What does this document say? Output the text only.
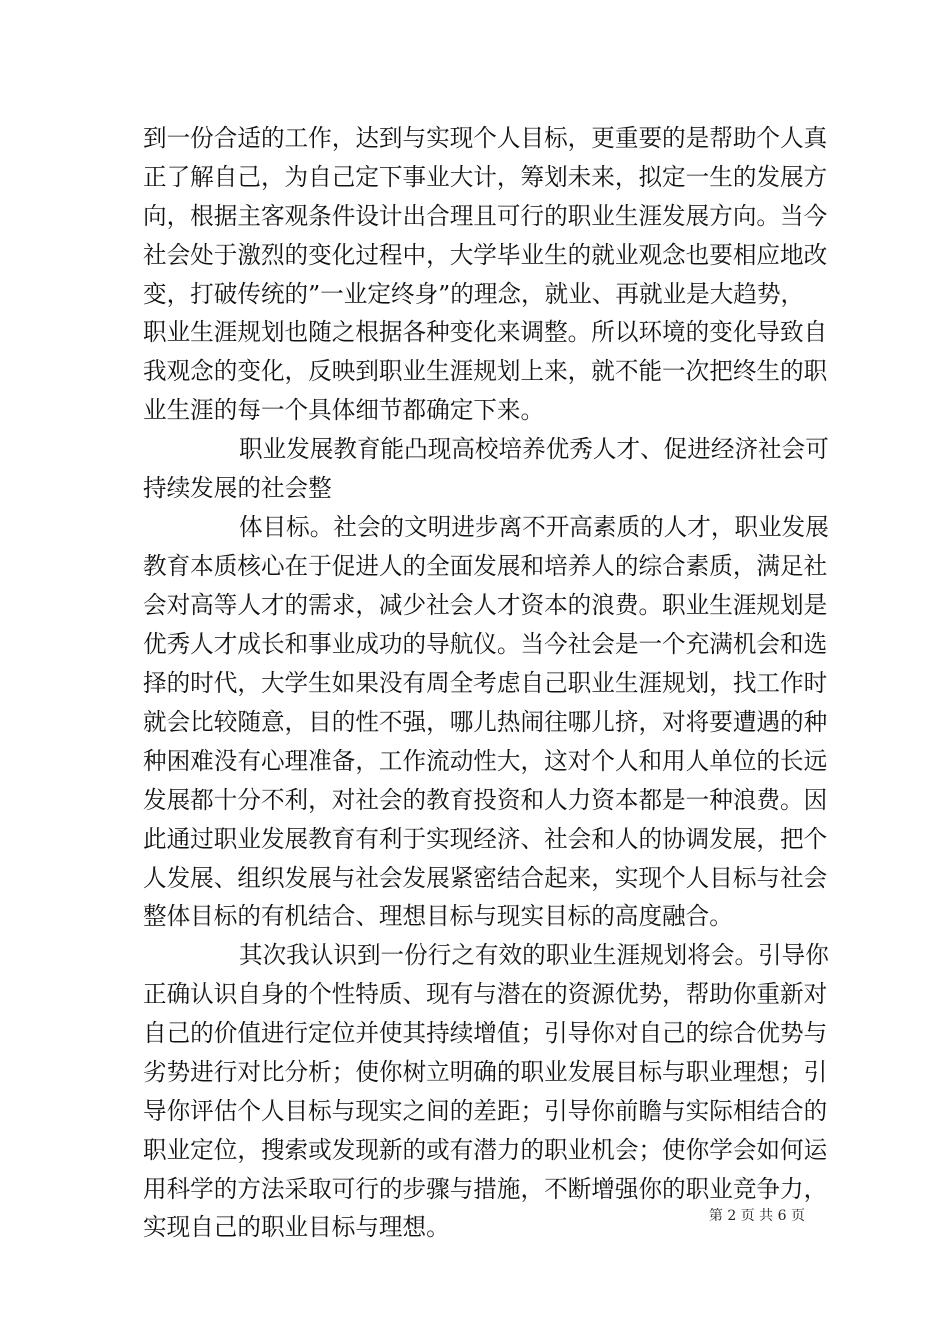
到一份合适的工作，达到与实现个人目标，更重要的是帮助个人真
正了解自己，为自己定下事业大计，筹划未来，拟定一生的发展方
向，根据主客观条件设计出合理且可行的职业生涯发展方向。当今
社会处于激烈的变化过程中，大学毕业生的就业观念也要相应地改
变，打破传统的”一业定终身”的理念，就业、再就业是大趋势，
职业生涯规划也随之根据各种变化来调整。所以环境的变化导致自
我观念的变化，反映到职业生涯规划上来，就不能一次把终生的职
业生涯的每一个具体细节都确定下来。
职业发展教育能凸现高校培养优秀人才、促进经济社会可
持续发展的社会整
体目标。社会的文明进步离不开高素质的人才，职业发展
教育本质核心在于促进人的全面发展和培养人的综合素质，满足社
会对高等人才的需求，减少社会人才资本的浪费。职业生涯规划是
优秀人才成长和事业成功的导航仪。当今社会是一个充满机会和选
择的时代，大学生如果没有周全考虑自己职业生涯规划，找工作时
就会比较随意，目的性不强，哪儿热闹往哪儿挤，对将要遭遇的种
种困难没有心理准备，工作流动性大，这对个人和用人单位的长远
发展都十分不利，对社会的教育投资和人力资本都是一种浪费。因
此通过职业发展教育有利于实现经济、社会和人的协调发展，把个
人发展、组织发展与社会发展紧密结合起来，实现个人目标与社会
整体目标的有机结合、理想目标与现实目标的高度融合。
其次我认识到一份行之有效的职业生涯规划将会。引导你
正确认识自身的个性特质、现有与潜在的资源优势，帮助你重新对
自己的价值进行定位并使其持续增值；引导你对自己的综合优势与
劣势进行对比分析；使你树立明确的职业发展目标与职业理想；引
导你评估个人目标与现实之间的差距；引导你前瞻与实际相结合的
职业定位，搜索或发现新的或有潜力的职业机会；使你学会如何运
用科学的方法采取可行的步骤与措施，不断增强你的职业竞争力，
实现自己的职业目标与理想。	第 2 页 共 6 页
